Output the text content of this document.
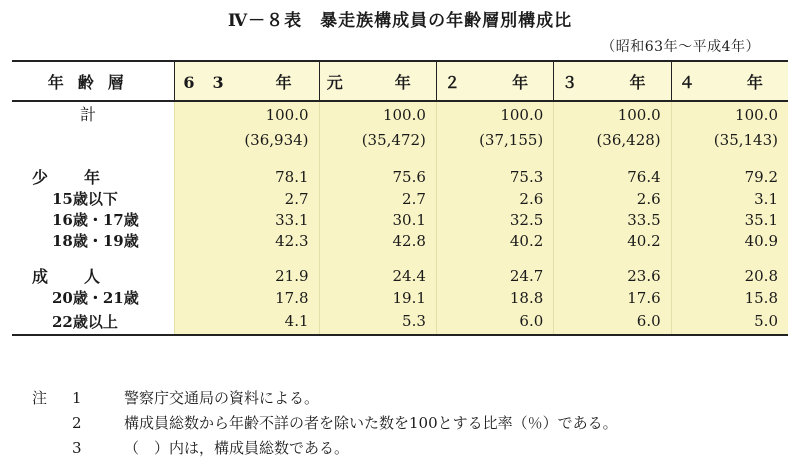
Ⅳ－８表　暴走族構成員の年齢層別構成比
（昭和63年～平成4年）
年齢層	63　年	元　年	２　年	３　年	４　年
計	100.0	100.0	100.0	100.0	100.0
	(36,934)	(35,472)	(37,155)	(36,428)	(35,143)

少　年	78.1	75.6	75.3	76.4	79.2
15歳以下	2.7	2.7	2.6	2.6	3.1
16歳・17歳	33.1	30.1	32.5	33.5	35.1
18歳・19歳	42.3	42.8	40.2	40.2	40.9

成　人	21.9	24.4	24.7	23.6	20.8
20歳・21歳	17.8	19.1	18.8	17.6	15.8
22歳以上	4.1	5.3	6.0	6.0	5.0
注	1	警察庁交通局の資料による。
2	構成員総数から年齢不詳の者を除いた数を100とする比率（％）である。
3	（　）内は，構成員総数である。
